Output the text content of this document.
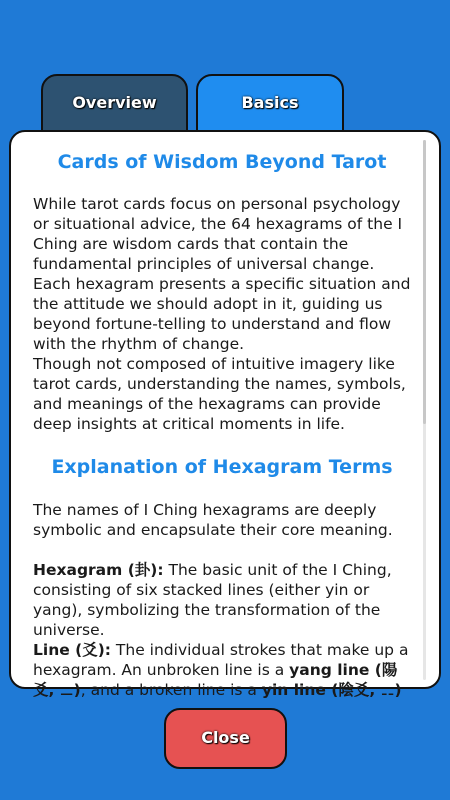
Overview	Basics
Cards of Wisdom Beyond Tarot

While tarot cards focus on personal psychology or situational advice, the 64 hexagrams of the I Ching are wisdom cards that contain the fundamental principles of universal change.

Each hexagram presents a specific situation and the attitude we should adopt in it, guiding us beyond fortune-telling to understand and flow with the rhythm of change.

Though not composed of intuitive imagery like tarot cards, understanding the names, symbols, and meanings of the hexagrams can provide deep insights at critical moments in life.

Explanation of Hexagram Terms

The names of I Ching hexagrams are deeply symbolic and encapsulate their core meaning.

Hexagram (卦): The basic unit of the I Ching, consisting of six stacked lines (either yin or yang), symbolizing the transformation of the universe.

Line (爻): The individual strokes that make up a hexagram. An unbroken line is a yang line (陽爻, ⚊), and a broken line is a yin line (陰爻, ⚋)

Close
